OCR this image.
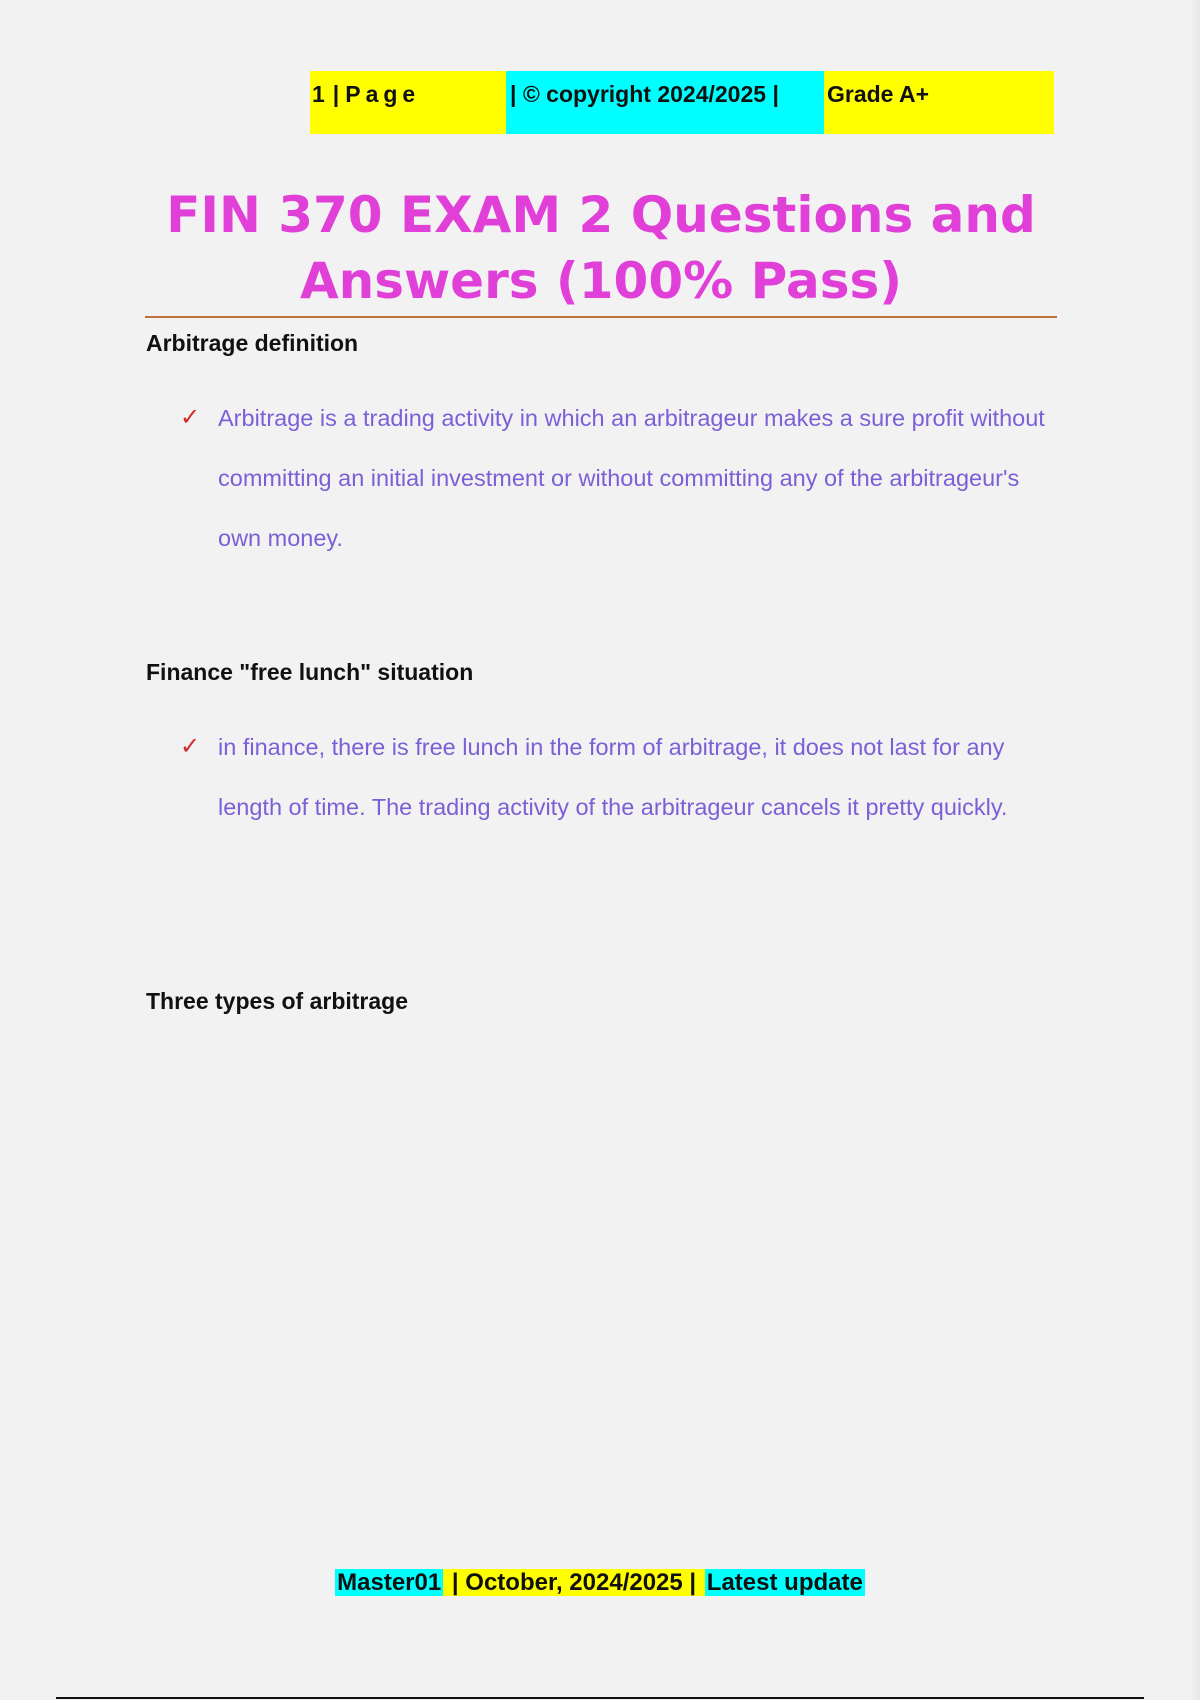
1 | Page	| © copyright 2024/2025 | Grade A+
FIN 370 EXAM 2 Questions and
Answers (100% Pass)

Arbitrage definition

✓ Arbitrage is a trading activity in which an arbitrageur makes a sure profit without committing an initial investment or without committing any of the arbitrageur's own money.

Finance "free lunch" situation

✓ in finance, there is free lunch in the form of arbitrage, it does not last for any length of time. The trading activity of the arbitrageur cancels it pretty quickly.

Three types of arbitrage

Master01 | October, 2024/2025 | Latest update
